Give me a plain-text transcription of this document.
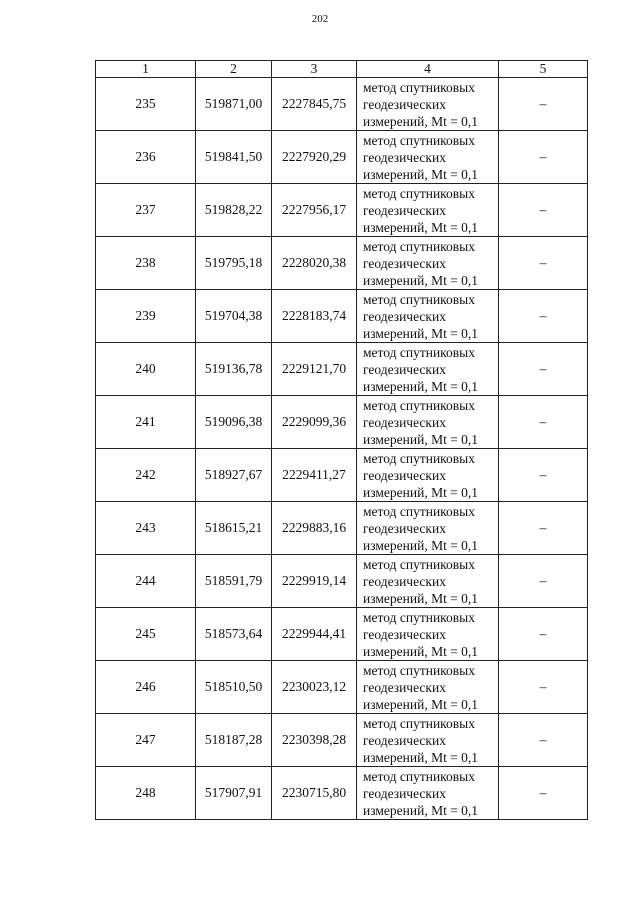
202
1	2	3	4	5
235	519871,00	2227845,75	метод спутниковых
геодезических
измерений, Mt = 0,1	–
236	519841,50	2227920,29	метод спутниковых
геодезических
измерений, Mt = 0,1	–
237	519828,22	2227956,17	метод спутниковых
геодезических
измерений, Mt = 0,1	–
238	519795,18	2228020,38	метод спутниковых
геодезических
измерений, Mt = 0,1	–
239	519704,38	2228183,74	метод спутниковых
геодезических
измерений, Mt = 0,1	–
240	519136,78	2229121,70	метод спутниковых
геодезических
измерений, Mt = 0,1	–
241	519096,38	2229099,36	метод спутниковых
геодезических
измерений, Mt = 0,1	–
242	518927,67	2229411,27	метод спутниковых
геодезических
измерений, Mt = 0,1	–
243	518615,21	2229883,16	метод спутниковых
геодезических
измерений, Mt = 0,1	–
244	518591,79	2229919,14	метод спутниковых
геодезических
измерений, Mt = 0,1	–
245	518573,64	2229944,41	метод спутниковых
геодезических
измерений, Mt = 0,1	–
246	518510,50	2230023,12	метод спутниковых
геодезических
измерений, Mt = 0,1	–
247	518187,28	2230398,28	метод спутниковых
геодезических
измерений, Mt = 0,1	–
248	517907,91	2230715,80	метод спутниковых
геодезических
измерений, Mt = 0,1	–
